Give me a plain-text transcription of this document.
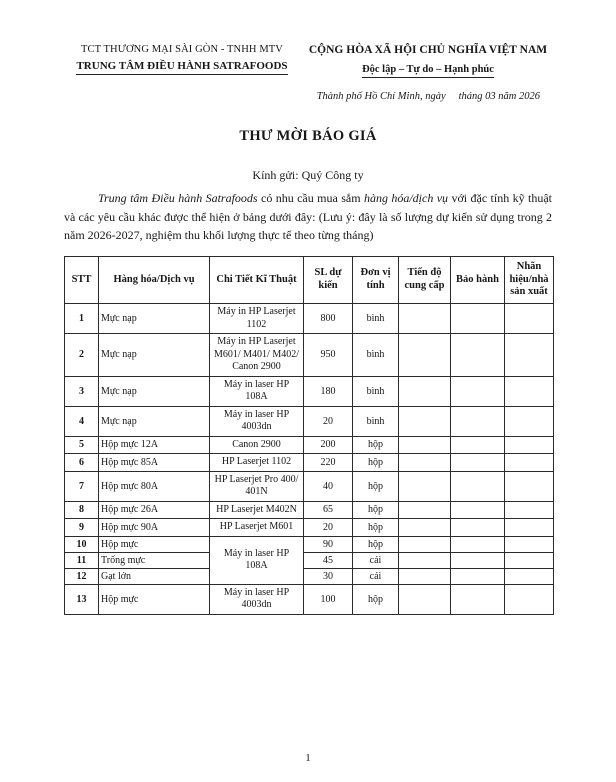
TCT THƯƠNG MẠI SÀI GÒN - TNHH MTV
TRUNG TÂM ĐIỀU HÀNH SATRAFOODS
CỘNG HÒA XÃ HỘI CHỦ NGHĨA VIỆT NAM
Độc lập – Tự do – Hạnh phúc
Thành phố Hồ Chí Minh, ngày tháng 03 năm 2026
THƯ MỜI BÁO GIÁ
Kính gửi: Quý Công ty
Trung tâm Điều hành Satrafoods có nhu cầu mua sắm hàng hóa/dịch vụ với đặc tính kỹ thuật và các yêu cầu khác được thể hiện ở bảng dưới đây: (Lưu ý: đây là số lượng dự kiến sử dụng trong 2 năm 2026-2027, nghiệm thu khối lượng thực tế theo từng tháng)
STT	Hàng hóa/Dịch vụ	Chi Tiết Kĩ Thuật	SL dự kiến	Đơn vị tính	Tiến độ cung cấp	Bảo hành	Nhãn hiệu/nhà sản xuất
1	Mực nạp	Máy in HP Laserjet 1102	800	bình			
2	Mực nạp	Máy in HP Laserjet M601/ M401/ M402/ Canon 2900	950	bình			
3	Mực nạp	Máy in laser HP 108A	180	bình			
4	Mực nạp	Máy in laser HP 4003dn	20	bình			
5	Hộp mực 12A	Canon 2900	200	hộp			
6	Hộp mực 85A	HP Laserjet 1102	220	hộp			
7	Hộp mực 80A	HP Laserjet Pro 400/ 401N	40	hộp			
8	Hộp mực 26A	HP Laserjet M402N	65	hộp			
9	Hộp mực 90A	HP Laserjet M601	20	hộp			
10	Hộp mực	Máy in laser HP 108A	90	hộp			
11	Trống mực		45	cái			
12	Gạt lớn		30	cái			
13	Hộp mực	Máy in laser HP 4003dn	100	hộp			
1
